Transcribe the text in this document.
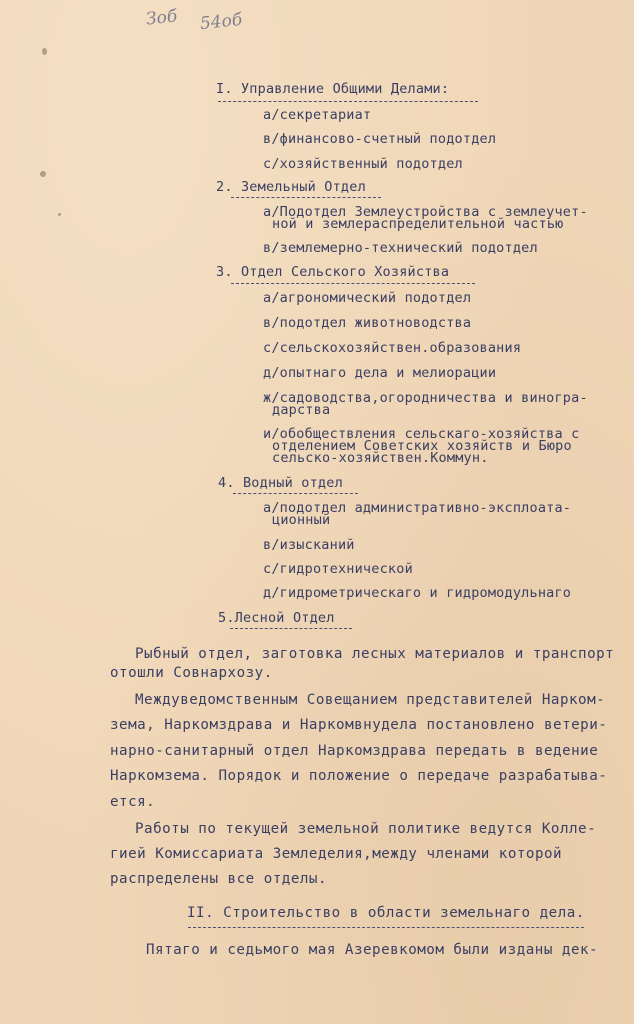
Зоб 54об
I. Управление Общими Делами:
а/секретариат
в/финансово-счетный подотдел
с/хозяйственный подотдел
2. Земельный Отдел
а/Подотдел Землеустройства с землеучет-
ной и землераспределительной частью
в/землемерно-технический подотдел
3. Отдел Сельского Хозяйства
а/агрономический подотдел
в/подотдел животноводства
с/сельскохозяйствен.образования
д/опытнаго дела и мелиорации
ж/садоводства,огородничества и виногра-
дарства
и/обобществления сельскаго-хозяйства с
отделением Советских хозяйств и Бюро
сельско-хозяйствен.Коммун.
4. Водный отдел
а/подотдел административно-эксплоата-
ционный
в/изысканий
с/гидротехнической
д/гидрометрическаго и гидромодульнаго
5.Лесной Отдел
Рыбный отдел, заготовка лесных материалов и транспорт
отошли Совнархозу.
Междуведомственным Совещанием представителей Нарком-
зема, Наркомздрава и Наркомвнудела постановлено ветери-
нарно-санитарный отдел Наркомздрава передать в ведение
Наркомзема. Порядок и положение о передаче разрабатыва-
ется.
Работы по текущей земельной политике ведутся Колле-
гией Комиссариата Земледелия,между членами которой
распределены все отделы.
II. Строительство в области земельнаго дела.
Пятаго и седьмого мая Азеревкомом были изданы дек-
